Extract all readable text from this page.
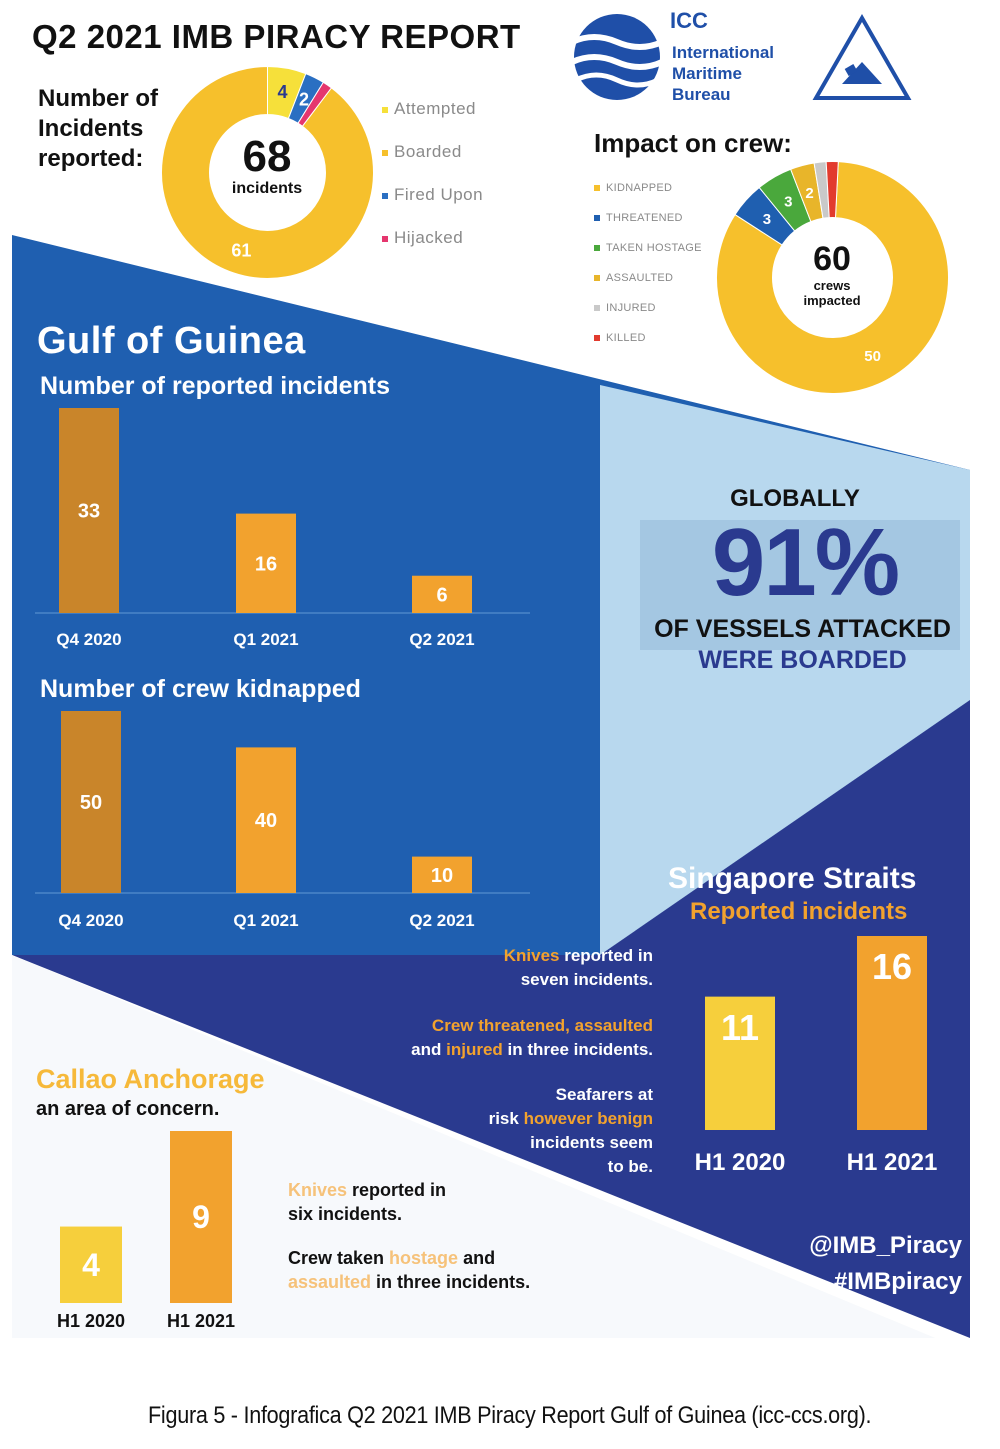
Q2 2021 IMB PIRACY REPORT	ICC
International
Maritime
Bureau
Number of
Incidents
reported:
61
4 2
68
incidents
Attempted
Boarded
Fired Upon
Hijacked
Impact on crew:
KIDNAPPED
THREATENED
TAKEN HOSTAGE
ASSAULTED
INJURED
KILLED
50
3
3
2
60
crews
impacted
Gulf of Guinea
Number of reported incidents
33
Q4 2020
16
Q1 2021
6
Q2 2021
Number of crew kidnapped
50
Q4 2020
40
Q1 2021
10
Q2 2021
GLOBALLY
91%
OF VESSELS ATTACKED
WERE BOARDED
Singapore Straits
Reported incidents
Knives reported in
seven incidents.
Crew threatened, assaulted
and injured in three incidents.
Seafarers at
risk however benign
incidents seem
to be.
11
H1 2020
16
H1 2021
@IMB_Piracy
#IMBpiracy
Callao Anchorage
an area of concern.
4
H1 2020
9
H1 2021
Knives reported in
six incidents.
Crew taken hostage and
assaulted in three incidents.
Figura 5 - Infografica Q2 2021 IMB Piracy Report Gulf of Guinea (icc-ccs.org).
